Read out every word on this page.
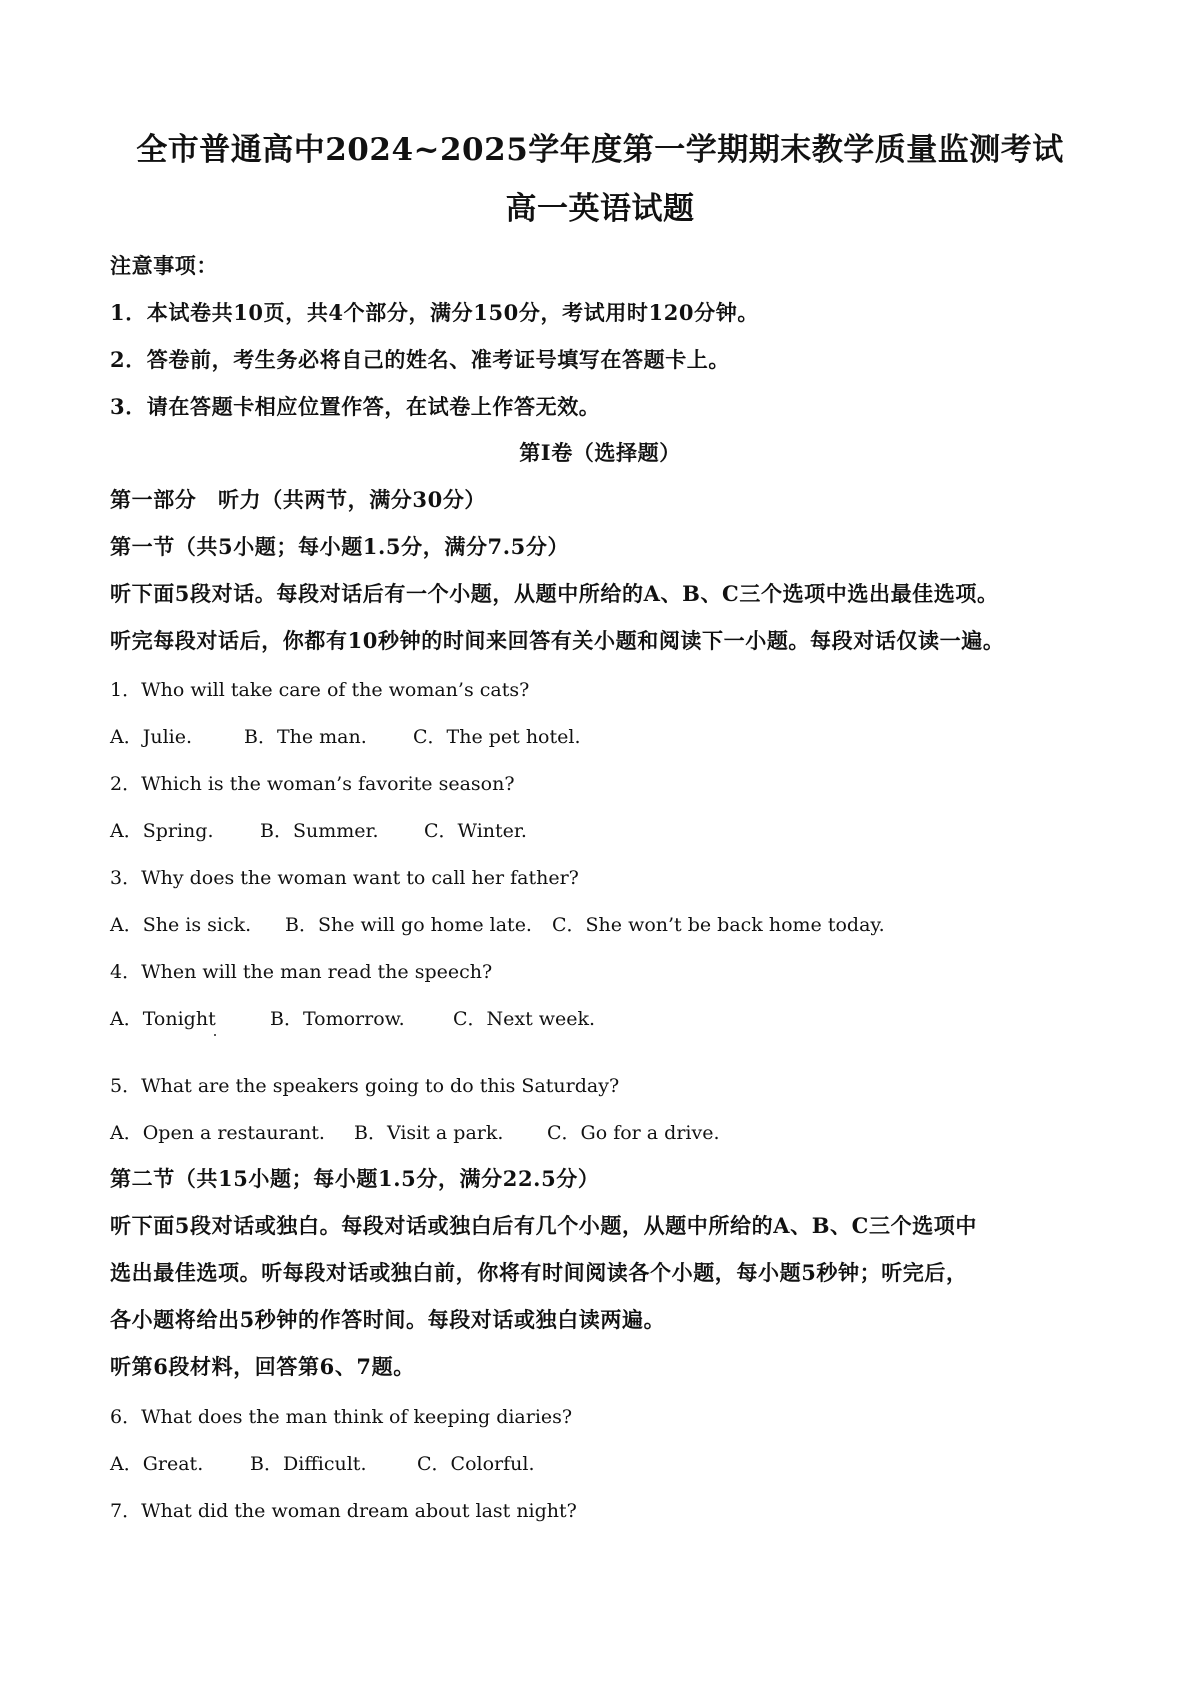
全市普通高中2024~2025学年度第一学期期末教学质量监测考试
高一英语试题
注意事项：
1．本试卷共10页，共4个部分，满分150分，考试用时120分钟。
2．答卷前，考生务必将自己的姓名、准考证号填写在答题卡上。
3．请在答题卡相应位置作答，在试卷上作答无效。
第I卷（选择题）
第一部分　听力（共两节，满分30分）
第一节（共5小题；每小题1.5分，满分7.5分）
听下面5段对话。每段对话后有一个小题，从题中所给的A、B、C三个选项中选出最佳选项。
听完每段对话后，你都有10秒钟的时间来回答有关小题和阅读下一小题。每段对话仅读一遍。
1．Who will take care of the woman’s cats?
A．Julie.	B．The man. C．The pet hotel.
2．Which is the woman’s favorite season?
A．Spring. B．Summer. C．Winter.
3．Why does the woman want to call her father?
A．She is sick. B．She will go home late. C．She won’t be back home today.
4．When will the man read the speech?
A．Tonight	B．Tomorrow.	C．Next week.
5．What are the speakers going to do this Saturday?
A．Open a restaurant. B．Visit a park. C．Go for a drive.
第二节（共15小题；每小题1.5分，满分22.5分）
听下面5段对话或独白。每段对话或独白后有几个小题，从题中所给的A、B、C三个选项中
选出最佳选项。听每段对话或独白前，你将有时间阅读各个小题，每小题5秒钟；听完后，
各小题将给出5秒钟的作答时间。每段对话或独白读两遍。
听第6段材料，回答第6、7题。
6．What does the man think of keeping diaries?
A．Great. B．Difficult.	C．Colorful.
7．What did the woman dream about last night?
